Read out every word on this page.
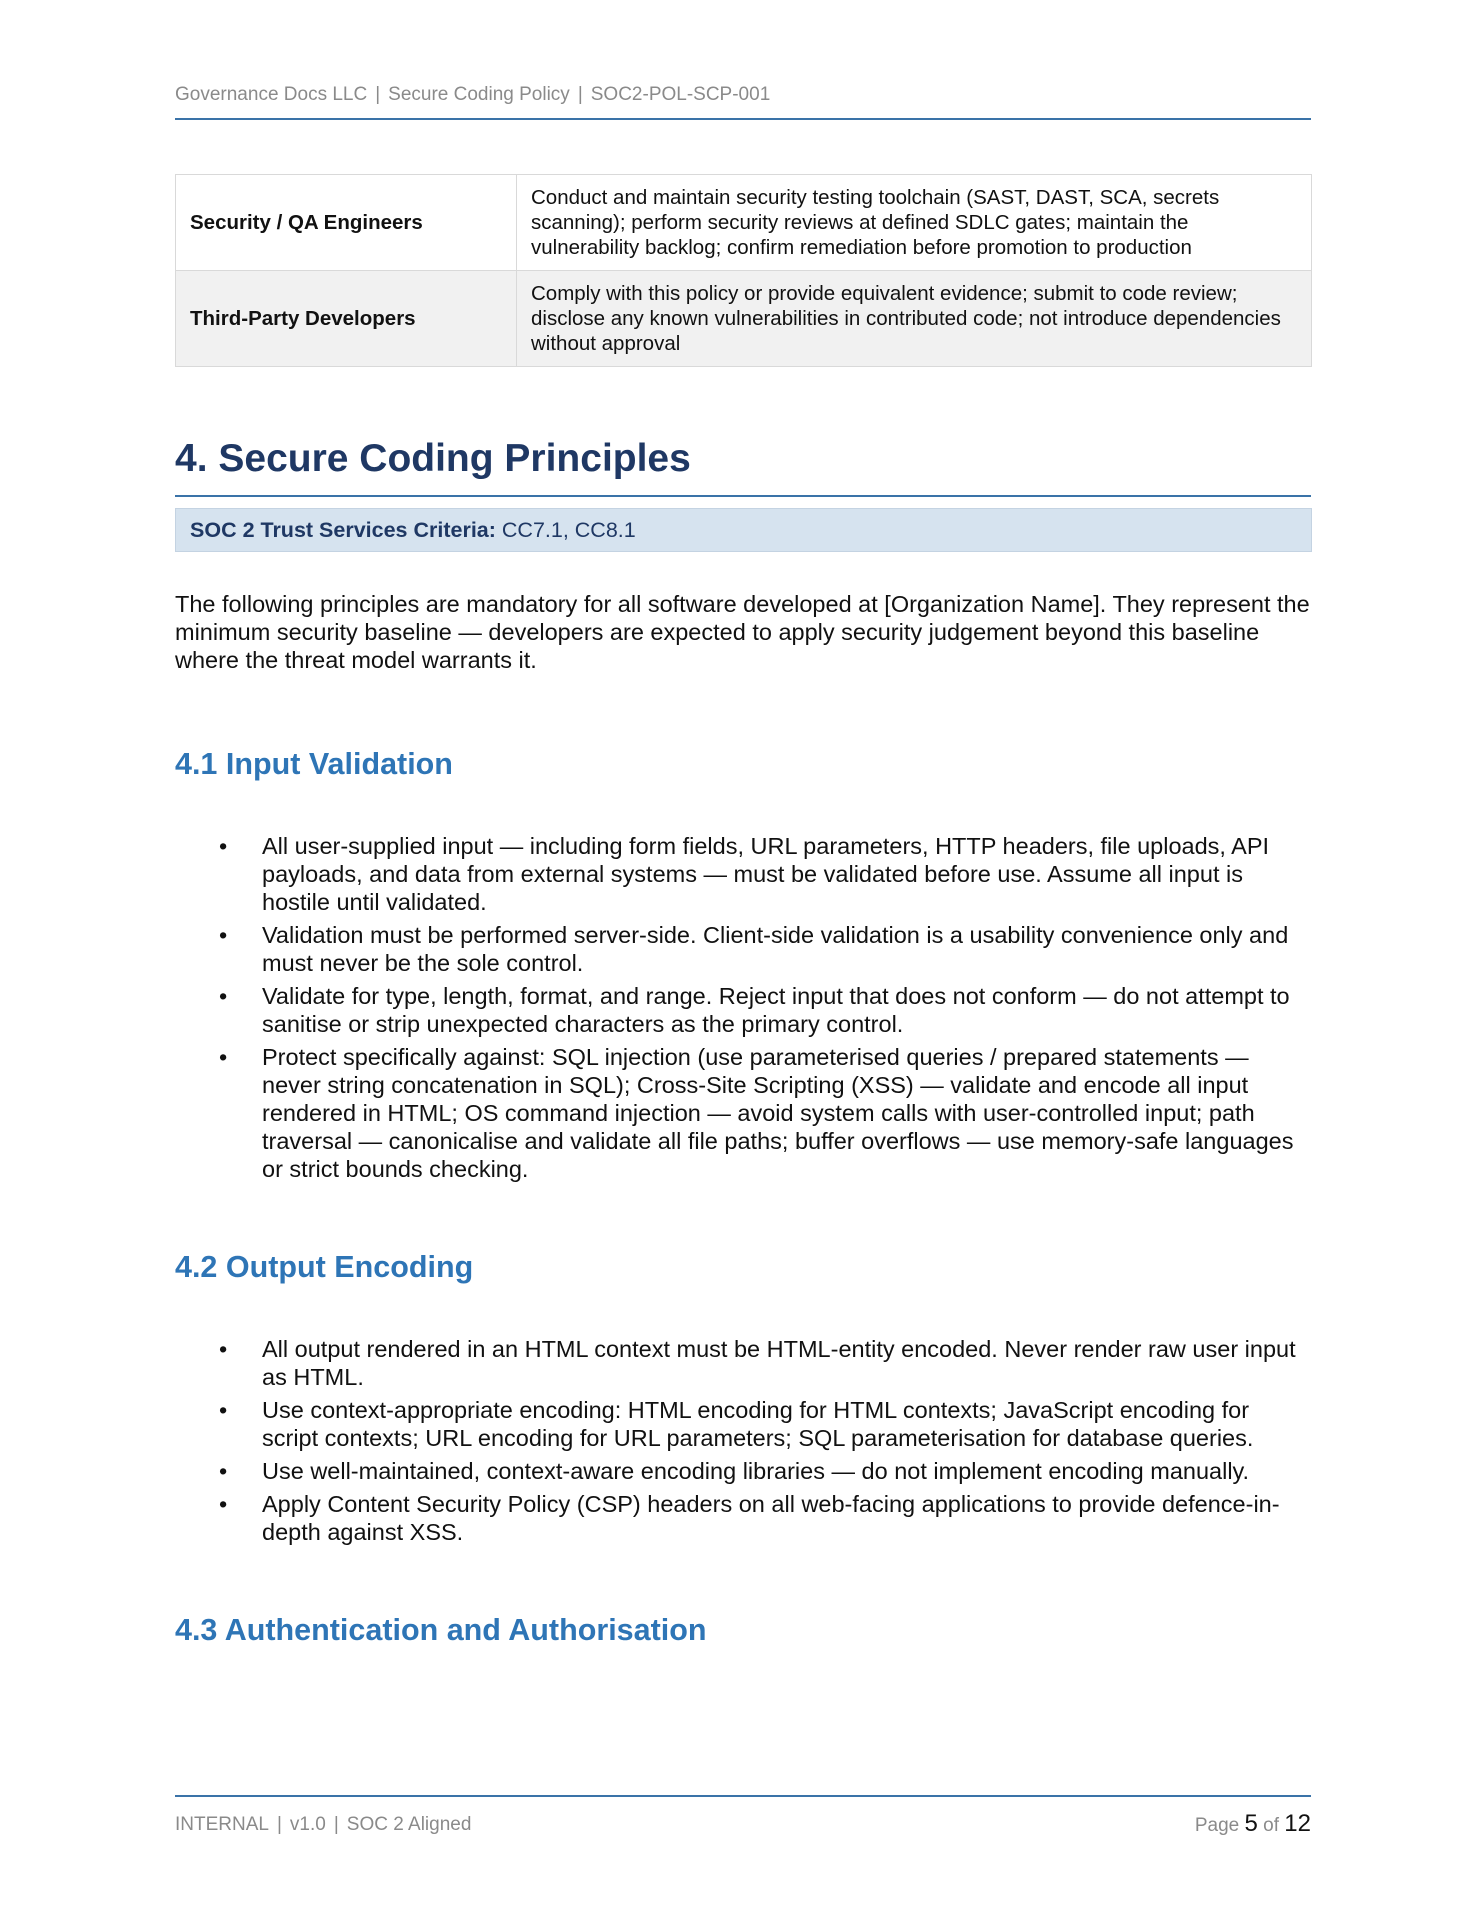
Governance Docs LLC | Secure Coding Policy | SOC2-POL-SCP-001
Security / QA Engineers	Conduct and maintain security testing toolchain (SAST, DAST, SCA, secrets scanning); perform security reviews at defined SDLC gates; maintain the vulnerability backlog; confirm remediation before promotion to production
Third-Party Developers	Comply with this policy or provide equivalent evidence; submit to code review; disclose any known vulnerabilities in contributed code; not introduce dependencies without approval
4. Secure Coding Principles
SOC 2 Trust Services Criteria: CC7.1, CC8.1
The following principles are mandatory for all software developed at [Organization Name]. They represent the minimum security baseline — developers are expected to apply security judgement beyond this baseline where the threat model warrants it.
4.1 Input Validation
• All user-supplied input — including form fields, URL parameters, HTTP headers, file uploads, API payloads, and data from external systems — must be validated before use. Assume all input is hostile until validated.
• Validation must be performed server-side. Client-side validation is a usability convenience only and must never be the sole control.
• Validate for type, length, format, and range. Reject input that does not conform — do not attempt to sanitise or strip unexpected characters as the primary control.
• Protect specifically against: SQL injection (use parameterised queries / prepared statements — never string concatenation in SQL); Cross-Site Scripting (XSS) — validate and encode all input rendered in HTML; OS command injection — avoid system calls with user-controlled input; path traversal — canonicalise and validate all file paths; buffer overflows — use memory-safe languages or strict bounds checking.
4.2 Output Encoding
• All output rendered in an HTML context must be HTML-entity encoded. Never render raw user input as HTML.
• Use context-appropriate encoding: HTML encoding for HTML contexts; JavaScript encoding for script contexts; URL encoding for URL parameters; SQL parameterisation for database queries.
• Use well-maintained, context-aware encoding libraries — do not implement encoding manually.
• Apply Content Security Policy (CSP) headers on all web-facing applications to provide defence-in-depth against XSS.
4.3 Authentication and Authorisation
INTERNAL | v1.0 | SOC 2 Aligned	Page 5 of 12
